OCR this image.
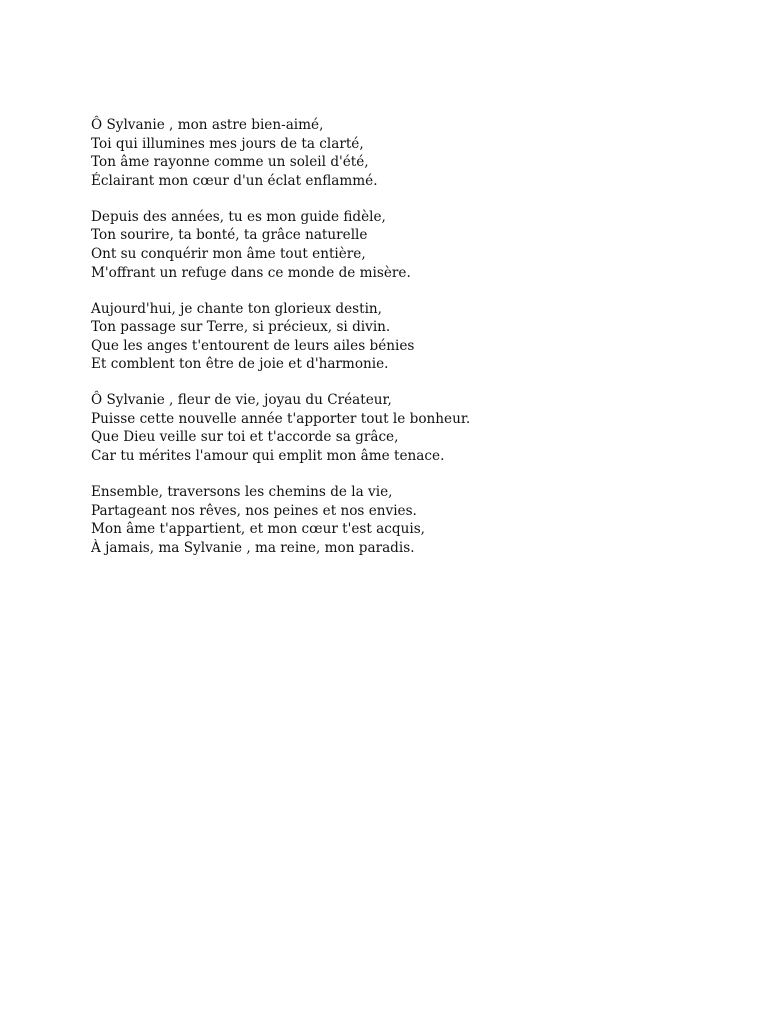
Ô Sylvanie , mon astre bien-aimé,
Toi qui illumines mes jours de ta clarté,
Ton âme rayonne comme un soleil d'été,
Éclairant mon cœur d'un éclat enflammé.
Depuis des années, tu es mon guide fidèle,
Ton sourire, ta bonté, ta grâce naturelle
Ont su conquérir mon âme tout entière,
M'offrant un refuge dans ce monde de misère.
Aujourd'hui, je chante ton glorieux destin,
Ton passage sur Terre, si précieux, si divin.
Que les anges t'entourent de leurs ailes bénies
Et comblent ton être de joie et d'harmonie.
Ô Sylvanie , fleur de vie, joyau du Créateur,
Puisse cette nouvelle année t'apporter tout le bonheur.
Que Dieu veille sur toi et t'accorde sa grâce,
Car tu mérites l'amour qui emplit mon âme tenace.
Ensemble, traversons les chemins de la vie,
Partageant nos rêves, nos peines et nos envies.
Mon âme t'appartient, et mon cœur t'est acquis,
À jamais, ma Sylvanie , ma reine, mon paradis.
